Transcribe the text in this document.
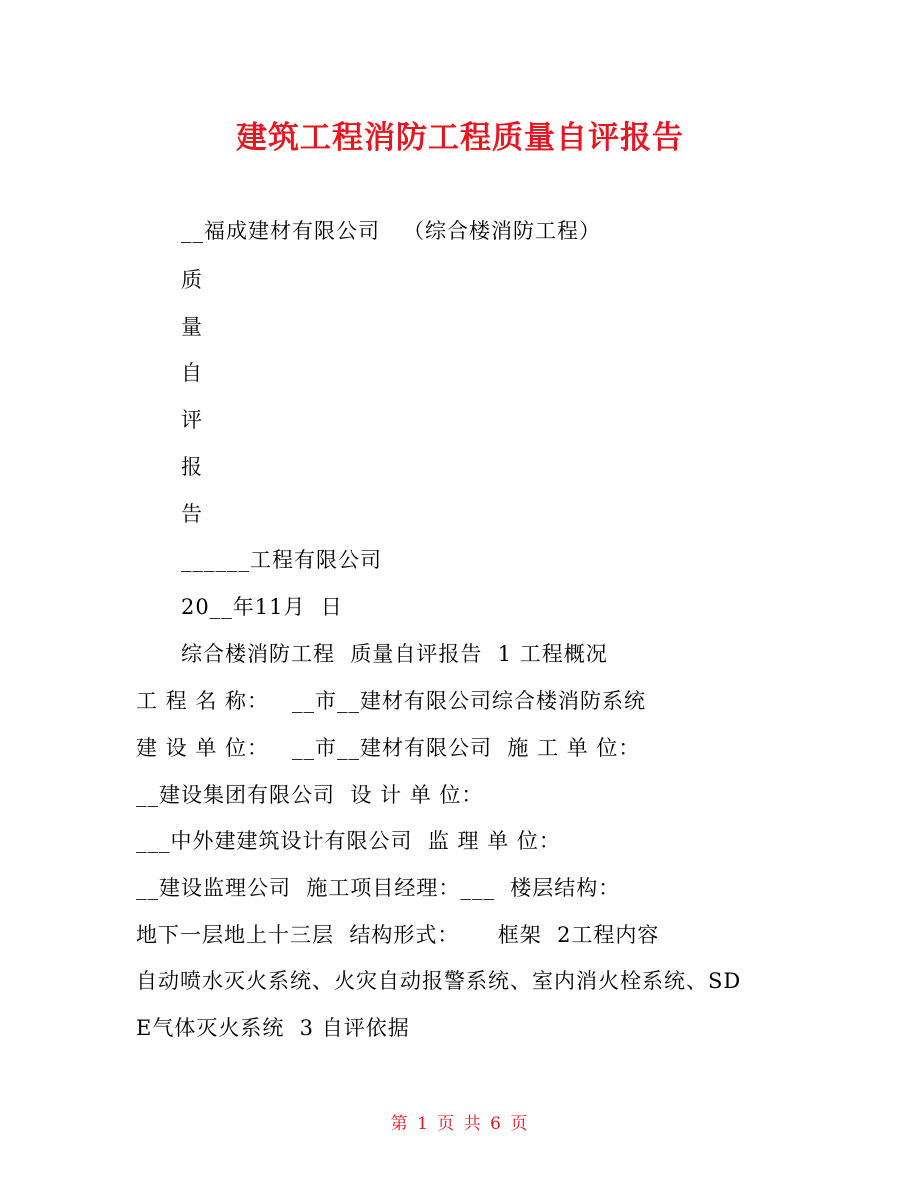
建筑工程消防工程质量自评报告
__福成建材有限公司   （综合楼消防工程）
质
量
自
评
报
告
______工程有限公司
20__年11月  日
综合楼消防工程  质量自评报告  1 工程概况
工 程 名 称：   __市__建材有限公司综合楼消防系统
建 设 单 位：   __市__建材有限公司  施 工 单 位：
__建设集团有限公司  设 计 单 位：
___中外建建筑设计有限公司  监 理 单 位：
__建设监理公司  施工项目经理：___  楼层结构：
地下一层地上十三层  结构形式：     框架  2工程内容
自动喷水灭火系统、火灾自动报警系统、室内消火栓系统、SD
E气体灭火系统  3 自评依据
第 1 页 共 6 页
